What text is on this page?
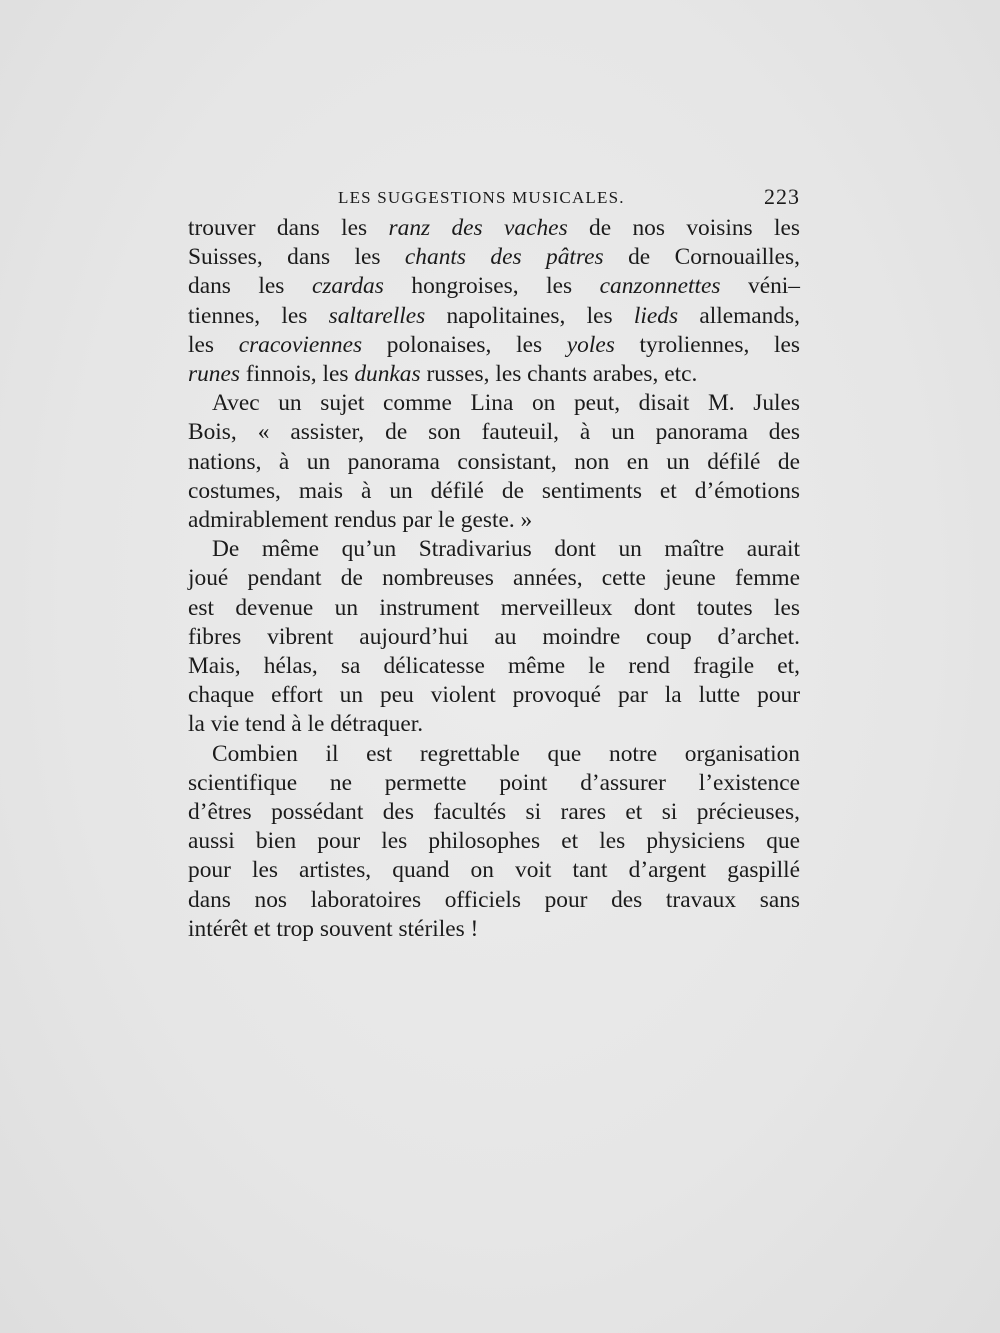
LES SUGGESTIONS MUSICALES.	223
trouver dans les ranz des vaches de nos voisins les
Suisses, dans les chants des pâtres de Cornouailles,
dans les czardas hongroises, les canzonnettes véni–
tiennes, les saltarelles napolitaines, les lieds allemands,
les cracoviennes polonaises, les yoles tyroliennes, les
runes finnois, les dunkas russes, les chants arabes, etc.
Avec un sujet comme Lina on peut, disait M. Jules
Bois, « assister, de son fauteuil, à un panorama des
nations, à un panorama consistant, non en un défilé de
costumes, mais à un défilé de sentiments et d’émotions
admirablement rendus par le geste. »
De même qu’un Stradivarius dont un maître aurait
joué pendant de nombreuses années, cette jeune femme
est devenue un instrument merveilleux dont toutes les
fibres vibrent aujourd’hui au moindre coup d’archet.
Mais, hélas, sa délicatesse même le rend fragile et,
chaque effort un peu violent provoqué par la lutte pour
la vie tend à le détraquer.
Combien il est regrettable que notre organisation
scientifique ne permette point d’assurer l’existence
d’êtres possédant des facultés si rares et si précieuses,
aussi bien pour les philosophes et les physiciens que
pour les artistes, quand on voit tant d’argent gaspillé
dans nos laboratoires officiels pour des travaux sans
intérêt et trop souvent stériles !
